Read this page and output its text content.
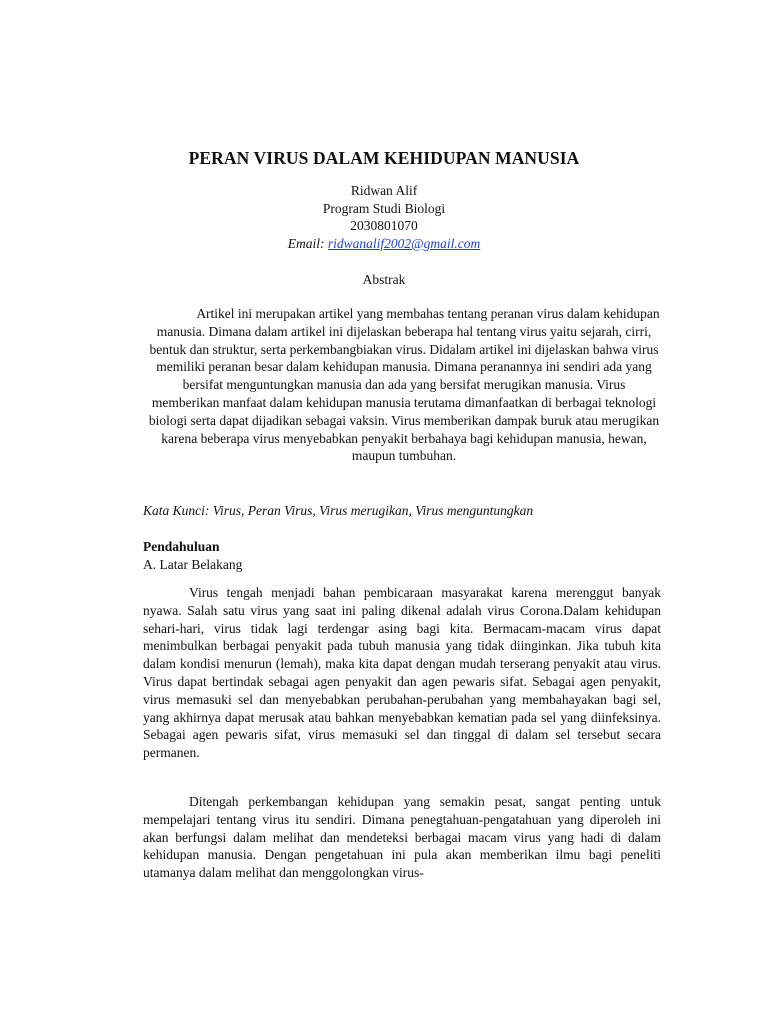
PERAN VIRUS DALAM KEHIDUPAN MANUSIA
Ridwan Alif
Program Studi Biologi
2030801070
Email: ridwanalif2002@gmail.com
Abstrak
Artikel ini merupakan artikel yang membahas tentang peranan virus dalam kehidupan manusia. Dimana dalam artikel ini dijelaskan beberapa hal tentang virus yaitu sejarah, cirri, bentuk dan struktur, serta perkembangbiakan virus. Didalam artikel ini dijelaskan bahwa virus memiliki peranan besar dalam kehidupan manusia. Dimana peranannya ini sendiri ada yang bersifat menguntungkan manusia dan ada yang bersifat merugikan manusia. Virus memberikan manfaat dalam kehidupan manusia terutama dimanfaatkan di berbagai teknologi biologi serta dapat dijadikan sebagai vaksin. Virus memberikan dampak buruk atau merugikan karena beberapa virus menyebabkan penyakit berbahaya bagi kehidupan manusia, hewan, maupun tumbuhan.
Kata Kunci: Virus, Peran Virus, Virus merugikan, Virus menguntungkan
Pendahuluan
A. Latar Belakang

Virus tengah menjadi bahan pembicaraan masyarakat karena merenggut banyak nyawa. Salah satu virus yang saat ini paling dikenal adalah virus Corona.Dalam kehidupan sehari-hari, virus tidak lagi terdengar asing bagi kita. Bermacam-macam virus dapat menimbulkan berbagai penyakit pada tubuh manusia yang tidak diinginkan. Jika tubuh kita dalam kondisi menurun (lemah), maka kita dapat dengan mudah terserang penyakit atau virus. Virus dapat bertindak sebagai agen penyakit dan agen pewaris sifat. Sebagai agen penyakit, virus memasuki sel dan menyebabkan perubahan-perubahan yang membahayakan bagi sel, yang akhirnya dapat merusak atau bahkan menyebabkan kematian pada sel yang diinfeksinya. Sebagai agen pewaris sifat, virus memasuki sel dan tinggal di dalam sel tersebut secara permanen.

Ditengah perkembangan kehidupan yang semakin pesat, sangat penting untuk mempelajari tentang virus itu sendiri. Dimana penegtahuan-pengatahuan yang diperoleh ini akan berfungsi dalam melihat dan mendeteksi berbagai macam virus yang hadi di dalam kehidupan manusia. Dengan pengetahuan ini pula akan memberikan ilmu bagi peneliti utamanya dalam melihat dan menggolongkan virus-
